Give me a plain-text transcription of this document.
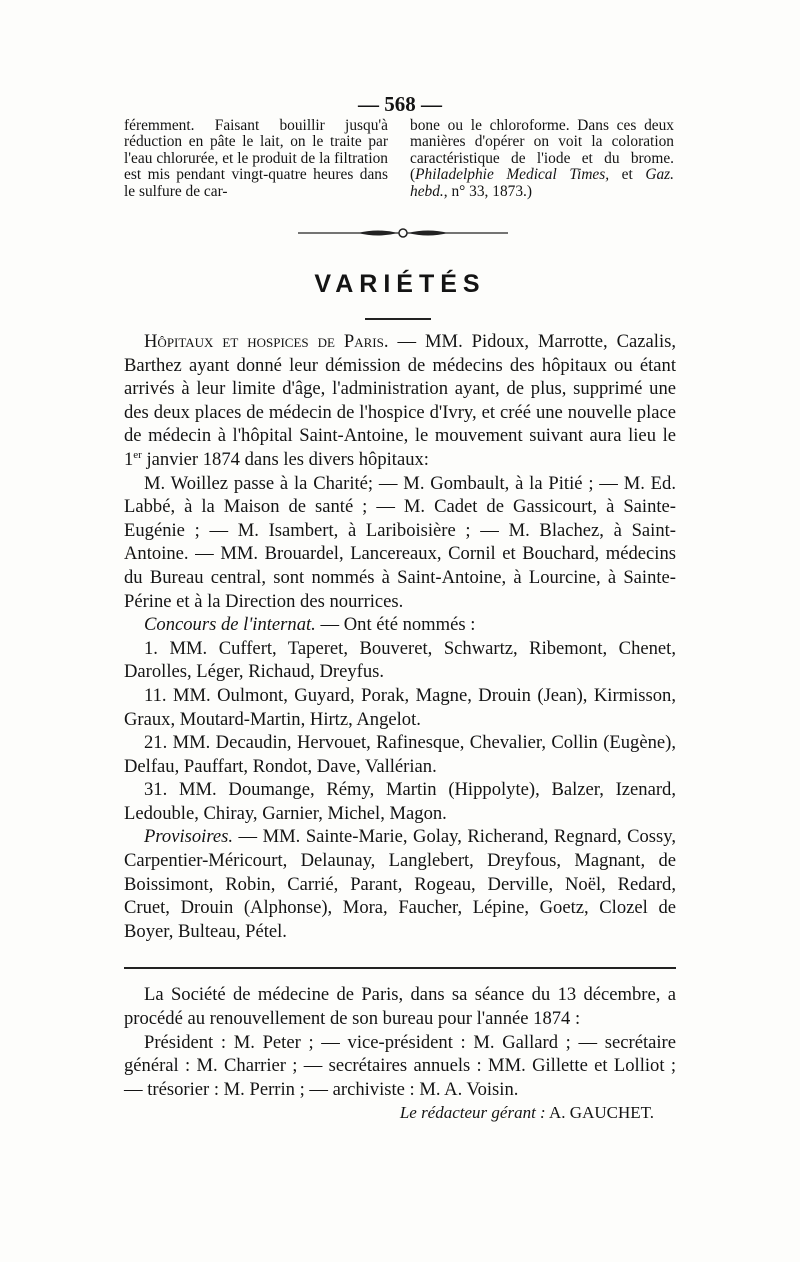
— 568 —

féremment. Faisant bouillir jusqu'à réduction en pâte le lait, on le traite par l'eau chlorurée, et le produit de la filtration est mis pendant vingt-quatre heures dans le sulfure de car-

bone ou le chloroforme. Dans ces deux manières d'opérer on voit la coloration caractéristique de l'iode et du brome. (Philadelphie Medical Times, et Gaz. hebd., n° 33, 1873.)

VARIÉTÉS

Hôpitaux et hospices de Paris. — MM. Pidoux, Marrotte, Cazalis, Barthez ayant donné leur démission de médecins des hôpitaux ou étant arrivés à leur limite d'âge, l'administration ayant, de plus, supprimé une des deux places de médecin de l'hospice d'Ivry, et créé une nouvelle place de médecin à l'hôpital Saint-Antoine, le mouvement suivant aura lieu le 1er janvier 1874 dans les divers hôpitaux:

M. Woillez passe à la Charité; — M. Gombault, à la Pitié ; — M. Ed. Labbé, à la Maison de santé ; — M. Cadet de Gassicourt, à Sainte-Eugénie ; — M. Isambert, à Lariboisière ; — M. Blachez, à Saint-Antoine. — MM. Brouardel, Lancereaux, Cornil et Bouchard, médecins du Bureau central, sont nommés à Saint-Antoine, à Lourcine, à Sainte-Périne et à la Direction des nourrices.

Concours de l'internat. — Ont été nommés :

1. MM. Cuffert, Taperet, Bouveret, Schwartz, Ribemont, Chenet, Darolles, Léger, Richaud, Dreyfus.

11. MM. Oulmont, Guyard, Porak, Magne, Drouin (Jean), Kirmisson, Graux, Moutard-Martin, Hirtz, Angelot.

21. MM. Decaudin, Hervouet, Rafinesque, Chevalier, Collin (Eugène), Delfau, Pauffart, Rondot, Dave, Vallérian.

31. MM. Doumange, Rémy, Martin (Hippolyte), Balzer, Izenard, Ledouble, Chiray, Garnier, Michel, Magon.

Provisoires. — MM. Sainte-Marie, Golay, Richerand, Regnard, Cossy, Carpentier-Méricourt, Delaunay, Langlebert, Dreyfous, Magnant, de Boissimont, Robin, Carrié, Parant, Rogeau, Derville, Noël, Redard, Cruet, Drouin (Alphonse), Mora, Faucher, Lépine, Goetz, Clozel de Boyer, Bulteau, Pétel.

La Société de médecine de Paris, dans sa séance du 13 décembre, a procédé au renouvellement de son bureau pour l'année 1874 :

Président : M. Peter ; — vice-président : M. Gallard ; — secrétaire général : M. Charrier ; — secrétaires annuels : MM. Gillette et Lolliot ; — trésorier : M. Perrin ; — archiviste : M. A. Voisin.

Le rédacteur gérant : A. GAUCHET.
